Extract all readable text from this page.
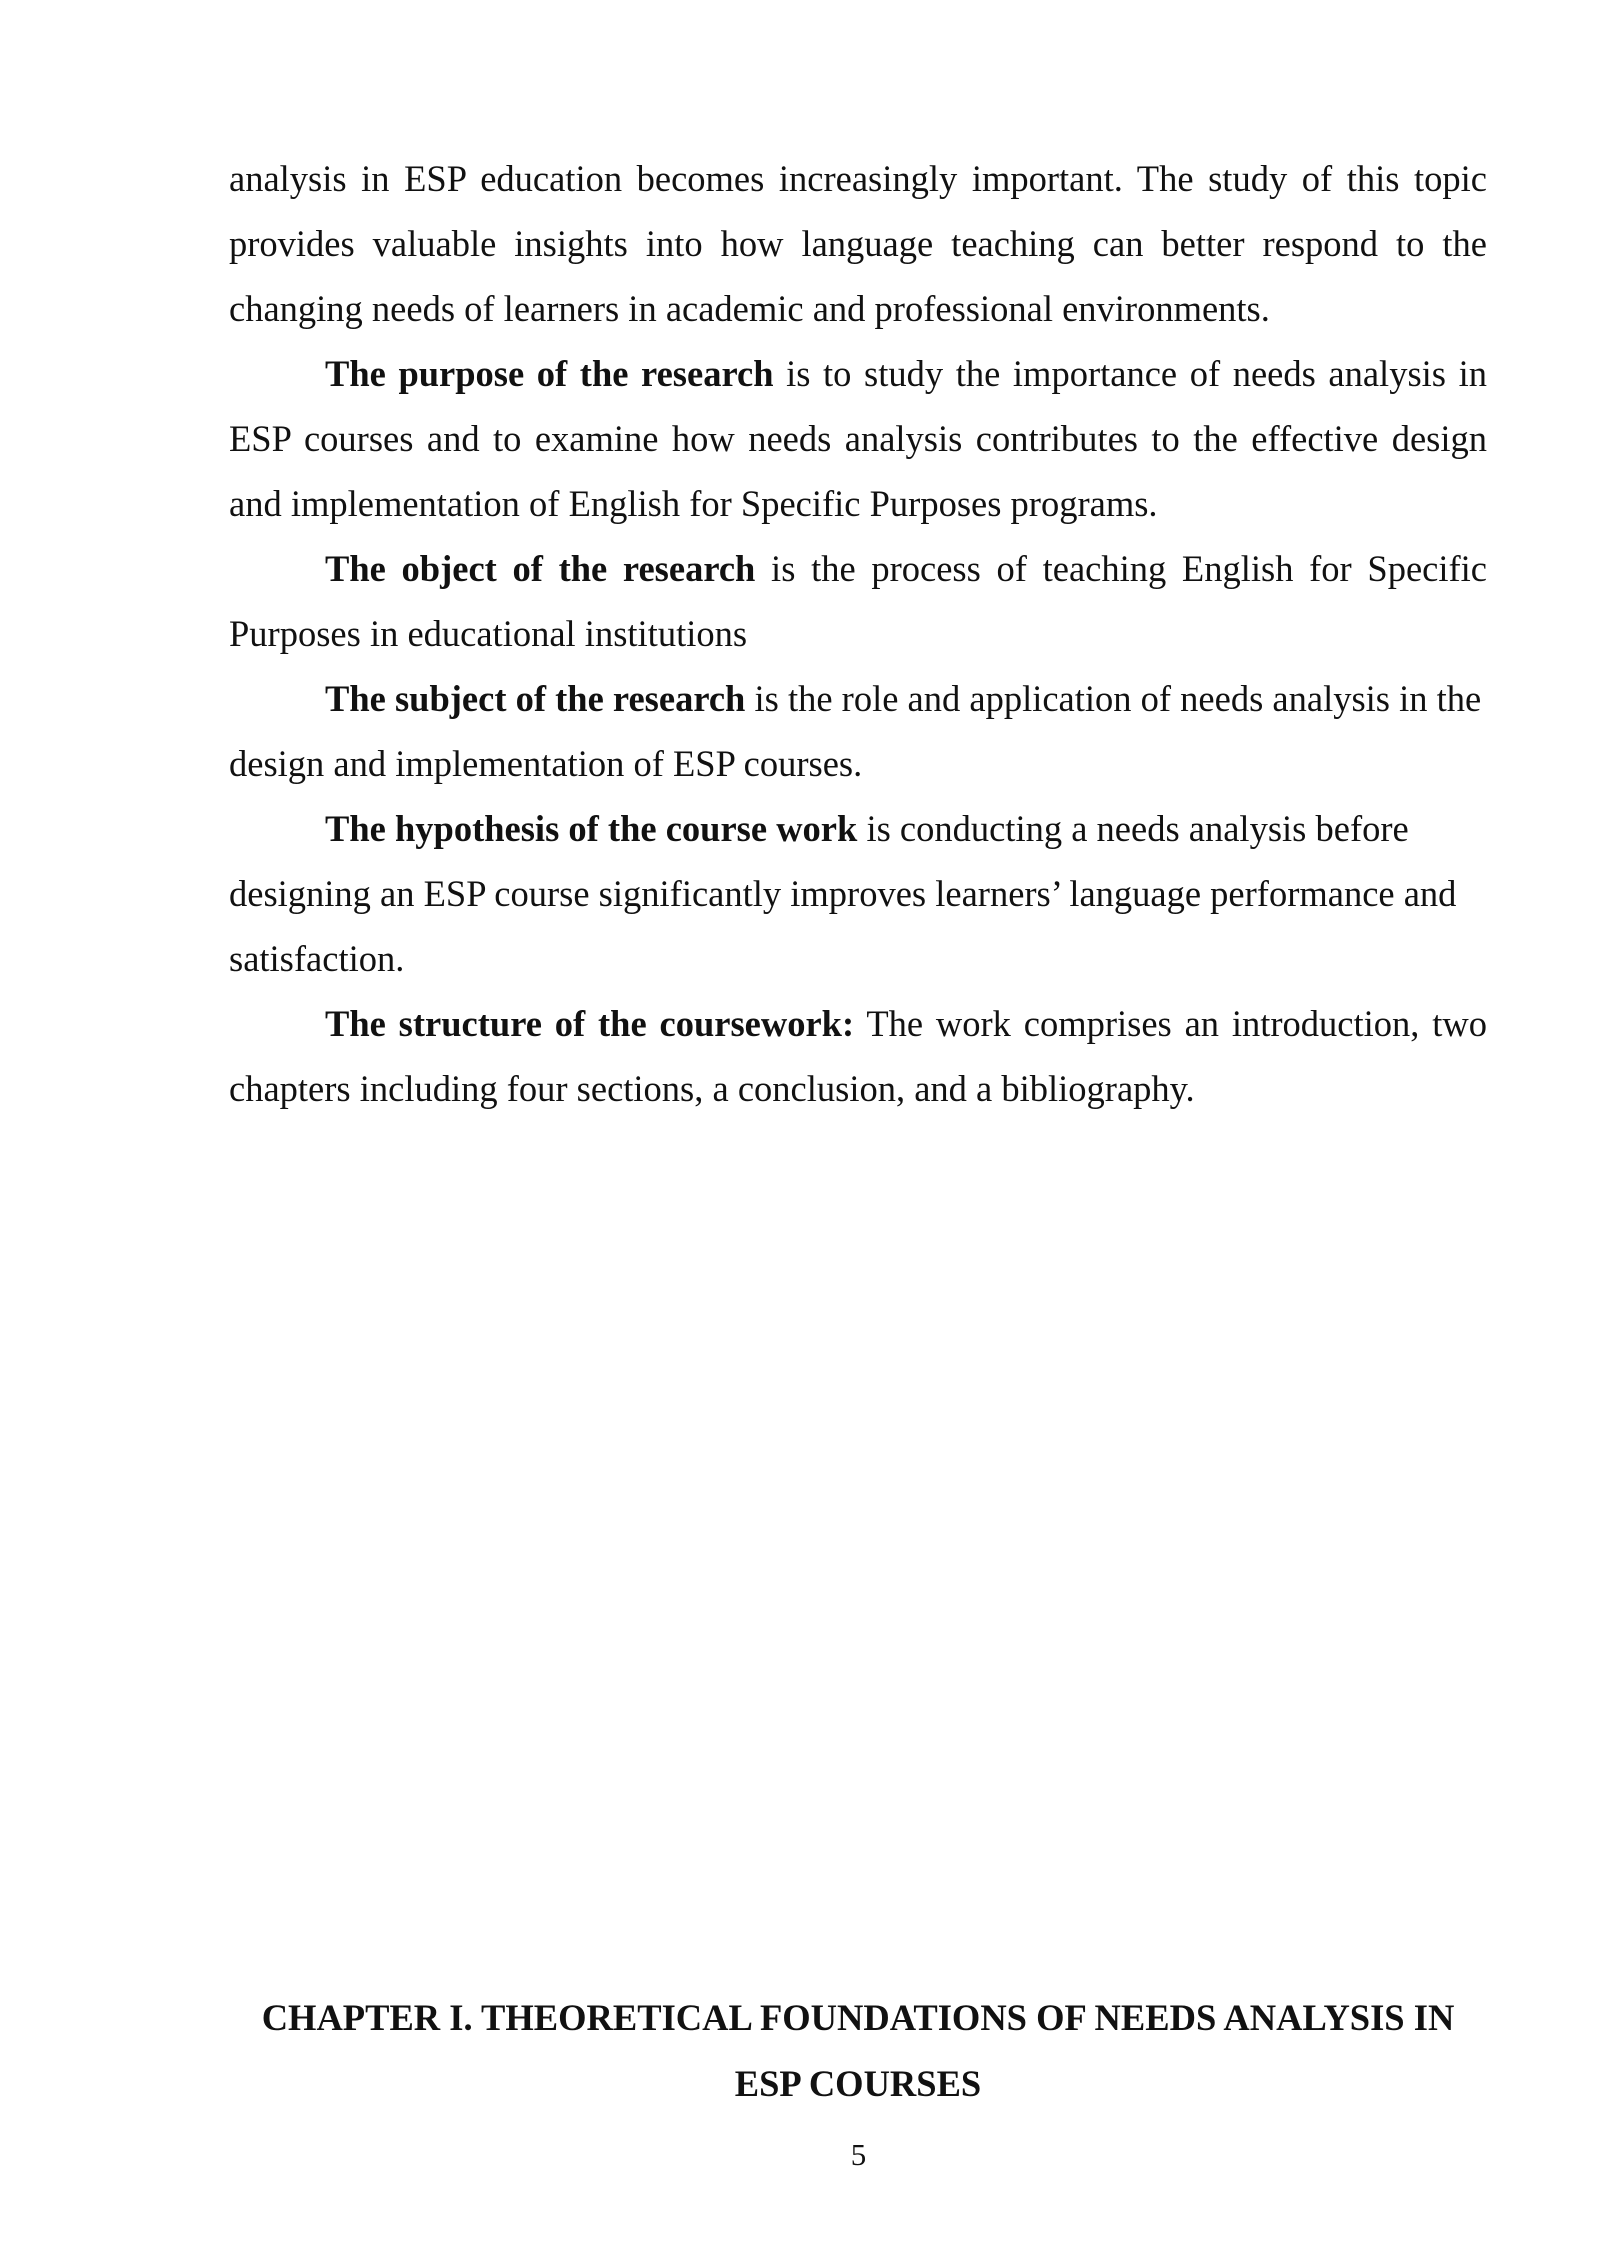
analysis in ESP education becomes increasingly important. The study of this topic provides valuable insights into how language teaching can better respond to the changing needs of learners in academic and professional environments.

The purpose of the research is to study the importance of needs analysis in ESP courses and to examine how needs analysis contributes to the effective design and implementation of English for Specific Purposes programs.

The object of the research is the process of teaching English for Specific Purposes in educational institutions

The subject of the research is the role and application of needs analysis in the design and implementation of ESP courses.

The hypothesis of the course work is conducting a needs analysis before designing an ESP course significantly improves learners’ language performance and satisfaction.

The structure of the coursework: The work comprises an introduction, two chapters including four sections, a conclusion, and a bibliography.

CHAPTER I. THEORETICAL FOUNDATIONS OF NEEDS ANALYSIS IN
ESP COURSES
5
